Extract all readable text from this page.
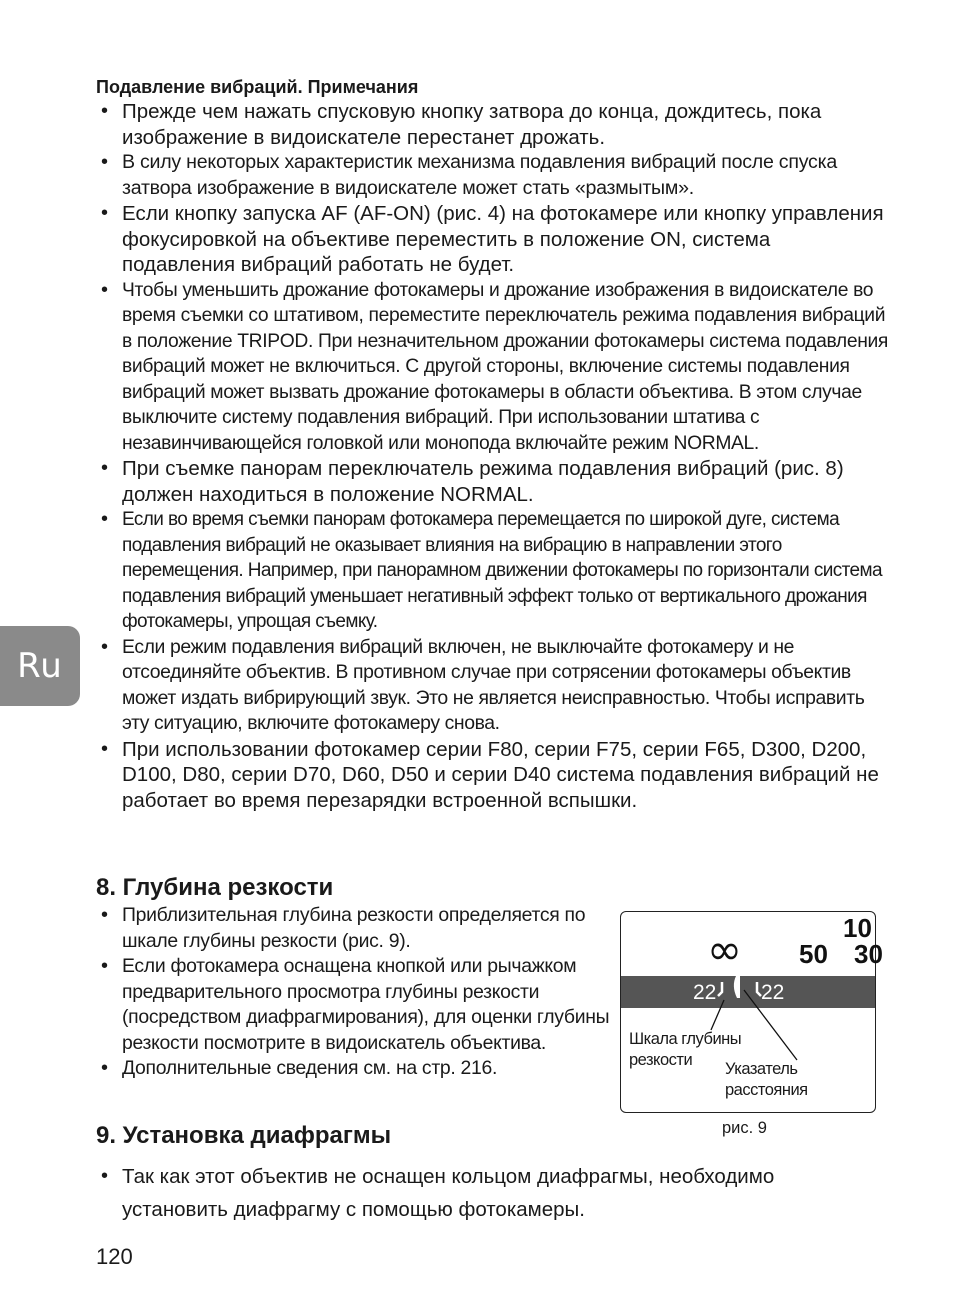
Ru
Подавление вибраций. Примечания
• Прежде чем нажать спусковую кнопку затвора до конца, дождитесь, пока изображение в видоискателе перестанет дрожать.
• В силу некоторых характеристик механизма подавления вибраций после спуска затвора изображение в видоискателе может стать «размытым».
• Если кнопку запуска AF (AF-ON) (рис. 4) на фотокамере или кнопку управления фокусировкой на объективе переместить в положение ON, система подавления вибраций работать не будет.
• Чтобы уменьшить дрожание фотокамеры и дрожание изображения в видоискателе во время съемки со штативом, переместите переключатель режима подавления вибраций в положение TRIPOD. При незначительном дрожании фотокамеры система подавления вибраций может не включиться. С другой стороны, включение системы подавления вибраций может вызвать дрожание фотокамеры в области объектива. В этом случае выключите систему подавления вибраций. При использовании штатива с незавинчивающейся головкой или монопода включайте режим NORMAL.
• При съемке панорам переключатель режима подавления вибраций (рис. 8) должен находиться в положение NORMAL.
• Если во время съемки панорам фотокамера перемещается по широкой дуге, система подавления вибраций не оказывает влияния на вибрацию в направлении этого перемещения. Например, при панорамном движении фотокамеры по горизонтали система подавления вибраций уменьшает негативный эффект только от вертикального дрожания фотокамеры, упрощая съемку.
• Если режим подавления вибраций включен, не выключайте фотокамеру и не отсоединяйте объектив. В противном случае при сотрясении фотокамеры объектив может издать вибрирующий звук. Это не является неисправностью. Чтобы исправить эту ситуацию, включите фотокамеру снова.
• При использовании фотокамер серии F80, серии F75, серии F65, D300, D200, D100, D80, серии D70, D60, D50 и серии D40 система подавления вибраций не работает во время перезарядки встроенной вспышки.
8. Глубина резкости
• Приблизительная глубина резкости определяется по шкале глубины резкости (рис. 9).
• Если фотокамера оснащена кнопкой или рычажком предварительного просмотра глубины резкости (посредством диафрагмирования), для оценки глубины резкости посмотрите в видоискатель объектива.
• Дополнительные сведения см. на стр. 216.
10
∞ 50 30
22 22
Шкала глубины
резкости Указатель
расстояния
рис. 9
9. Установка диафрагмы
• Так как этот объектив не оснащен кольцом диафрагмы, необходимо установить диафрагму с помощью фотокамеры.
120
